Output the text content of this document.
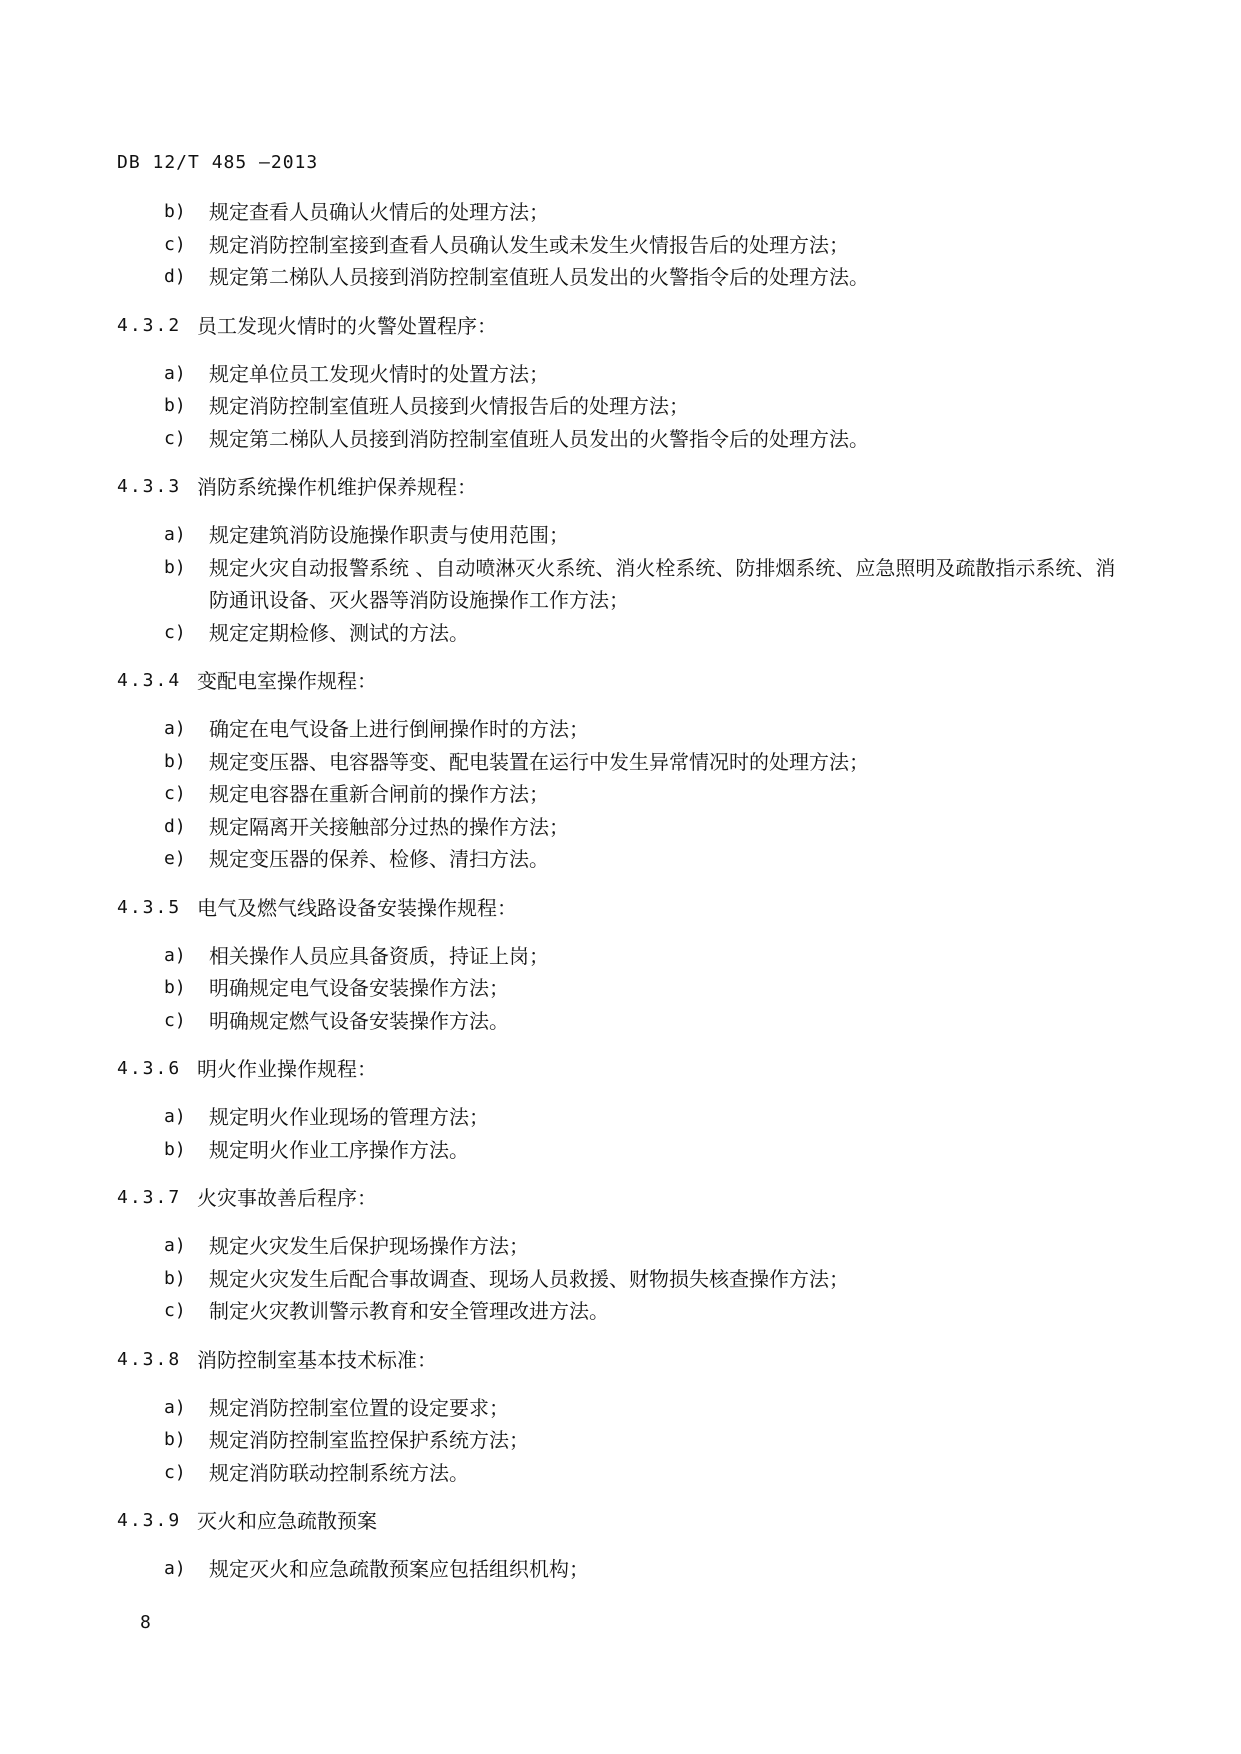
DB 12/T 485 —2013
b) 规定查看人员确认火情后的处理方法；
c) 规定消防控制室接到查看人员确认发生或未发生火情报告后的处理方法；
d) 规定第二梯队人员接到消防控制室值班人员发出的火警指令后的处理方法。
4.3.2 员工发现火情时的火警处置程序：
a) 规定单位员工发现火情时的处置方法；
b) 规定消防控制室值班人员接到火情报告后的处理方法；
c) 规定第二梯队人员接到消防控制室值班人员发出的火警指令后的处理方法。
4.3.3 消防系统操作机维护保养规程：
a) 规定建筑消防设施操作职责与使用范围；
b) 规定火灾自动报警系统 、自动喷淋灭火系统、消火栓系统、防排烟系统、应急照明及疏散指示系统、消防通讯设备、灭火器等消防设施操作工作方法；
c) 规定定期检修、测试的方法。
4.3.4 变配电室操作规程：
a) 确定在电气设备上进行倒闸操作时的方法；
b) 规定变压器、电容器等变、配电装置在运行中发生异常情况时的处理方法；
c) 规定电容器在重新合闸前的操作方法；
d) 规定隔离开关接触部分过热的操作方法；
e) 规定变压器的保养、检修、清扫方法。
4.3.5 电气及燃气线路设备安装操作规程：
a) 相关操作人员应具备资质，持证上岗；
b) 明确规定电气设备安装操作方法；
c) 明确规定燃气设备安装操作方法。
4.3.6 明火作业操作规程：
a) 规定明火作业现场的管理方法；
b) 规定明火作业工序操作方法。
4.3.7 火灾事故善后程序：
a) 规定火灾发生后保护现场操作方法；
b) 规定火灾发生后配合事故调查、现场人员救援、财物损失核查操作方法；
c) 制定火灾教训警示教育和安全管理改进方法。
4.3.8 消防控制室基本技术标准：
a) 规定消防控制室位置的设定要求；
b) 规定消防控制室监控保护系统方法；
c) 规定消防联动控制系统方法。
4.3.9 灭火和应急疏散预案
a) 规定灭火和应急疏散预案应包括组织机构；
8
